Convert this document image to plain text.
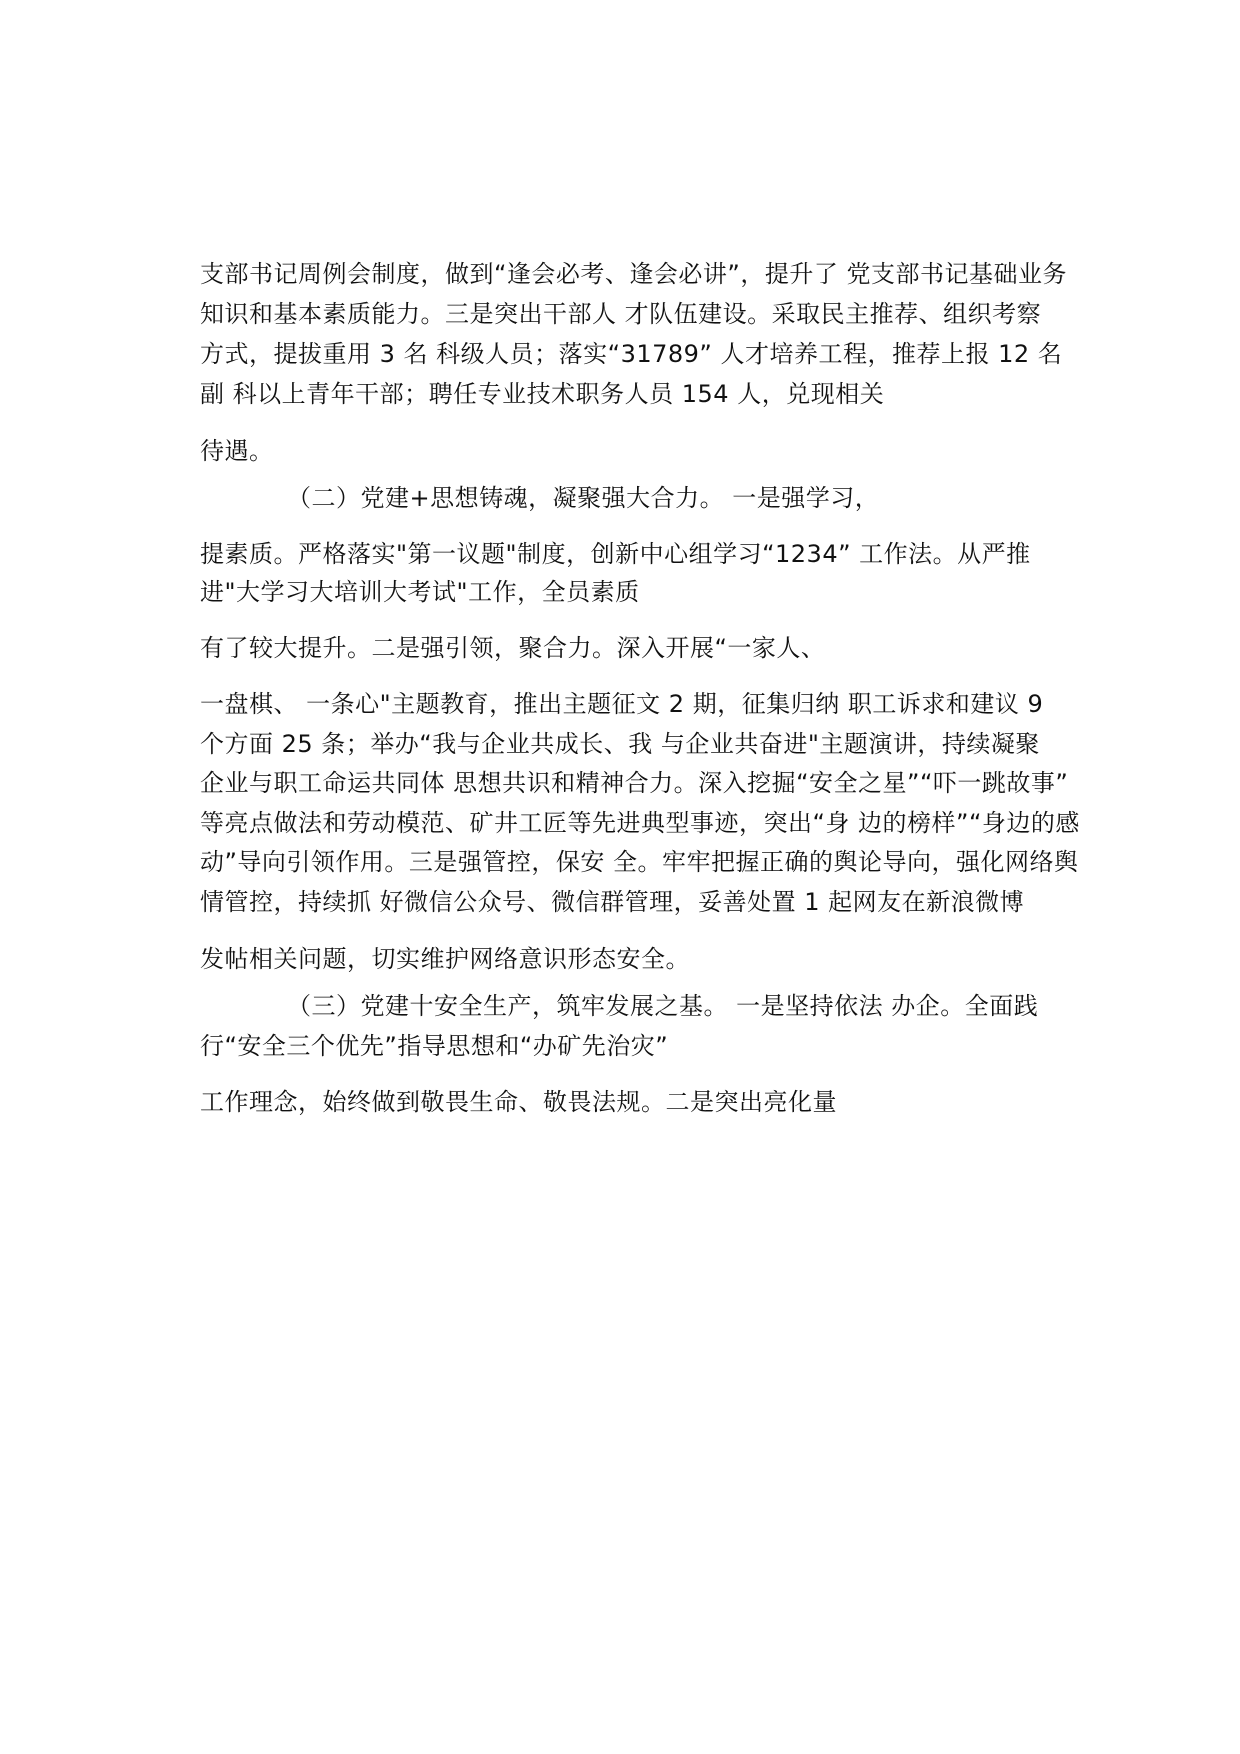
支部书记周例会制度，做到“逢会必考、逢会必讲”，提升了 党支部书记基础业务
知识和基本素质能力。三是突出干部人 才队伍建设。采取民主推荐、组织考察
方式，提拔重用 3 名 科级人员；落实“31789” 人才培养工程，推荐上报 12 名
副 科以上青年干部；聘任专业技术职务人员 154 人，兑现相关
待遇。
（二）党建+思想铸魂，凝聚强大合力。 一是强学习，
提素质。严格落实"第一议题"制度，创新中心组学习“1234” 工作法。从严推
进"大学习大培训大考试"工作，全员素质
有了较大提升。二是强引领，聚合力。深入开展“一家人、
一盘棋、 一条心"主题教育，推出主题征文 2 期，征集归纳 职工诉求和建议 9
个方面 25 条；举办“我与企业共成长、我 与企业共奋进"主题演讲，持续凝聚
企业与职工命运共同体 思想共识和精神合力。深入挖掘“安全之星”“吓一跳故事”
等亮点做法和劳动模范、矿井工匠等先进典型事迹，突出“身 边的榜样”“身边的感
动”导向引领作用。三是强管控，保安 全。牢牢把握正确的舆论导向，强化网络舆
情管控，持续抓 好微信公众号、微信群管理，妥善处置 1 起网友在新浪微博
发帖相关问题，切实维护网络意识形态安全。
（三）党建十安全生产，筑牢发展之基。 一是坚持依法 办企。全面践
行“安全三个优先”指导思想和“办矿先治灾”
工作理念，始终做到敬畏生命、敬畏法规。二是突出亮化量
